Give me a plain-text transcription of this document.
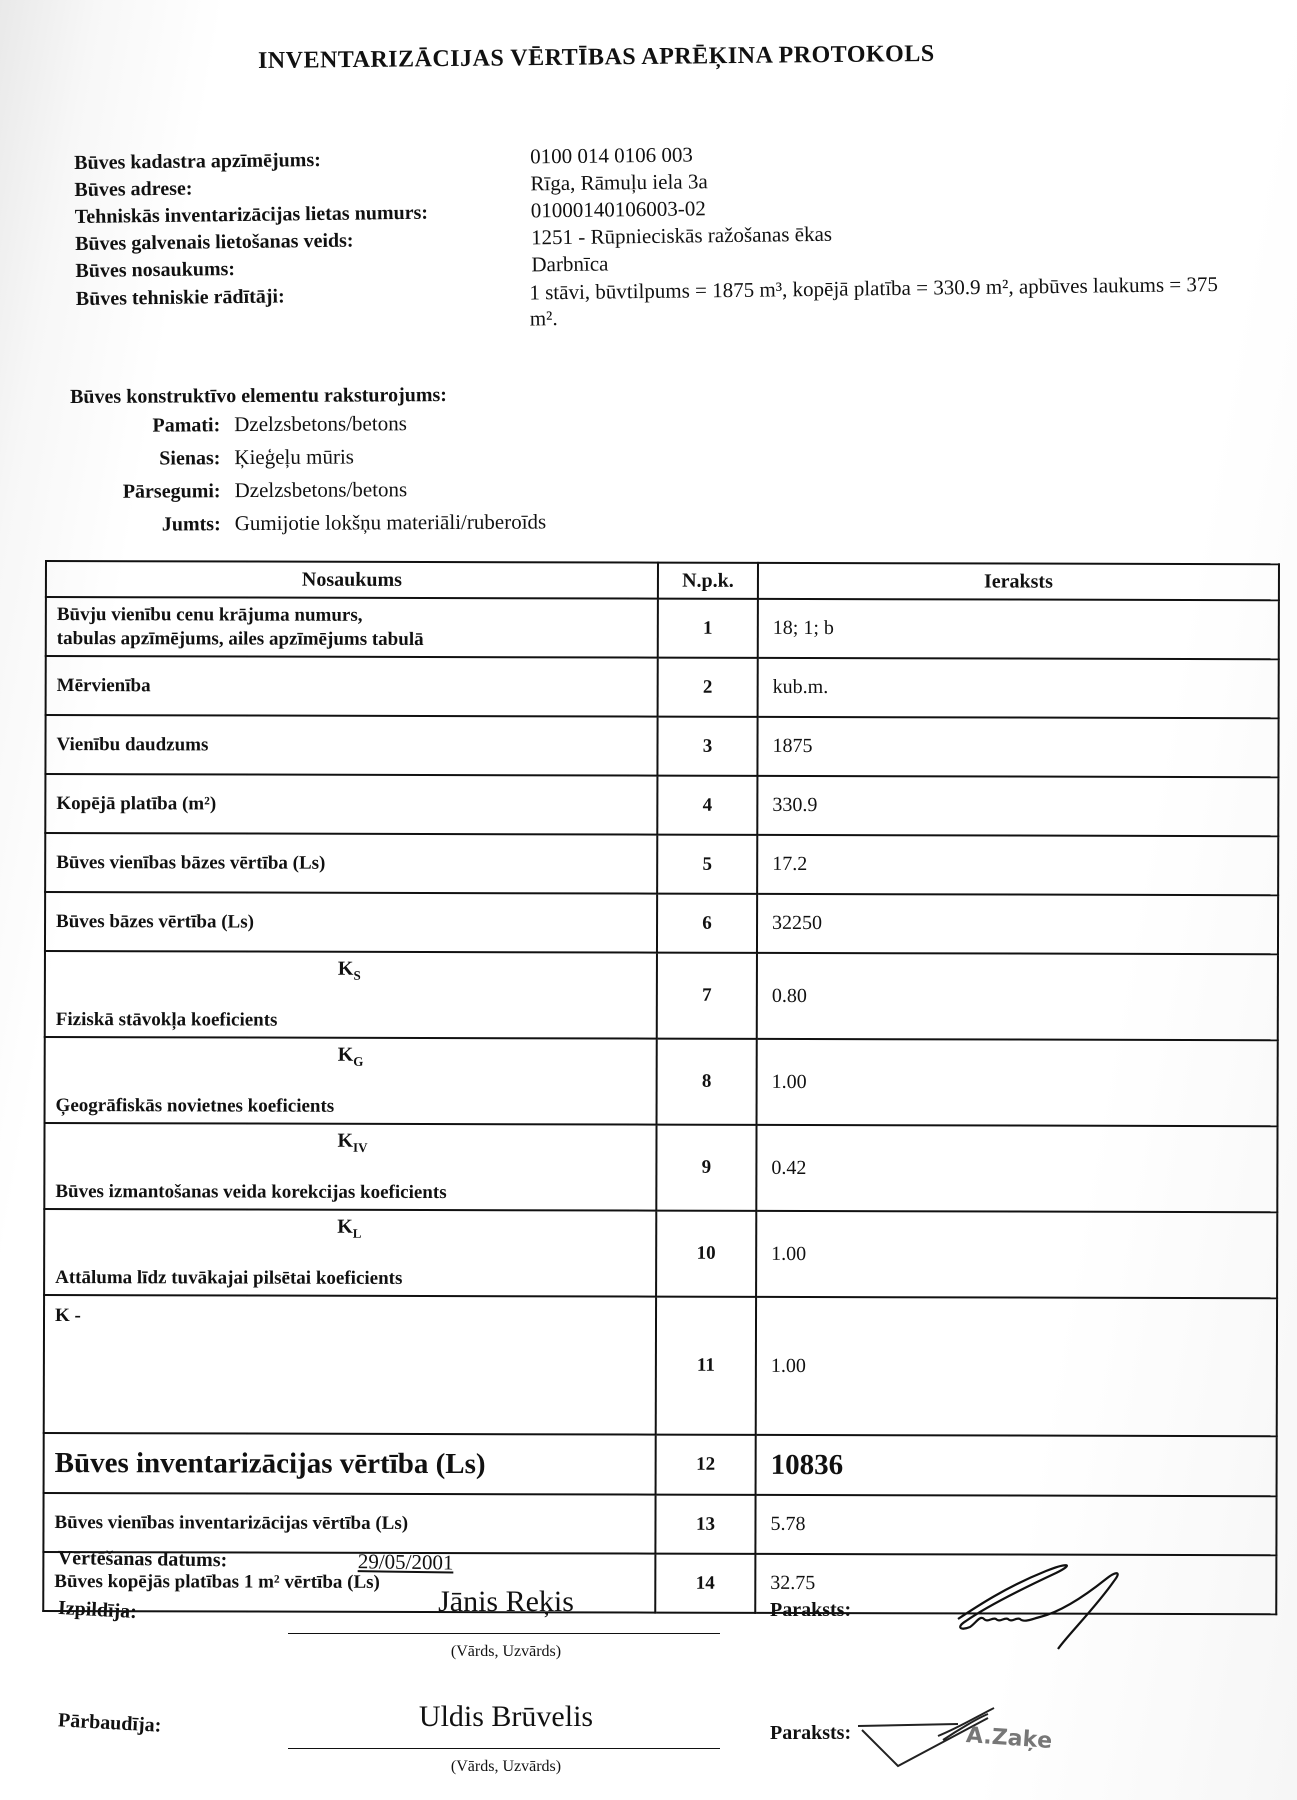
INVENTARIZĀCIJAS VĒRTĪBAS APRĒĶINA PROTOKOLS
Būves kadastra apzīmējums:	0100 014 0106 003
Būves adrese:	Rīga, Rāmuļu iela 3a
Tehniskās inventarizācijas lietas numurs:	01000140106003-02
Būves galvenais lietošanas veids:	1251 - Rūpnieciskās ražošanas ēkas
Būves nosaukums:	Darbnīca
Būves tehniskie rādītāji:	1 stāvi, būvtilpums = 1875 m³, kopējā platība = 330.9 m², apbūves laukums = 375 m².
Būves konstruktīvo elementu raksturojums:
Pamati: Dzelzsbetons/betons
Sienas: Ķieģeļu mūris
Pārsegumi: Dzelzsbetons/betons
Jumts: Gumijotie lokšņu materiāli/ruberoīds
Nosaukums	N.p.k.	Ieraksts
Būvju vienību cenu krājuma numurs,
tabulas apzīmējums, ailes apzīmējums tabulā	1	18; 1; b
Mērvienība	2	kub.m.
Vienību daudzums	3	1875
Kopējā platība (m²)	4	330.9
Būves vienības bāzes vērtība (Ls)	5	17.2
Būves bāzes vērtība (Ls)	6	32250

$K_S$
Fiziskā stāvokļa koeficients	7	0.80

$K_G$
Ģeogrāfiskās novietnes koeficients	8	1.00

$K_{IV}$
Būves izmantošanas veida korekcijas koeficients	9	0.42

$K_L$
Attāluma līdz tuvākajai pilsētai koeficients	10	1.00
K -	11	1.00
Būves inventarizācijas vērtība (Ls)	12	10836
Būves vienības inventarizācijas vērtība (Ls)	13	5.78
Būves kopējās platības 1 m² vērtība (Ls)	14	32.75
Vērtēšanas datums:	29/05/2001
Izpildīja:	Jānis Reķis
(Vārds, Uzvārds)
Paraksts:
Pārbaudīja:	Uldis Brūvelis
(Vārds, Uzvārds)
Paraksts:	A.Zaķe
